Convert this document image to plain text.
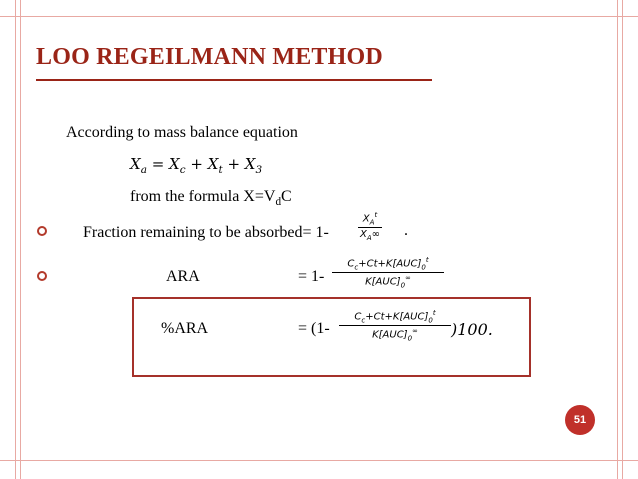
LOO REGEILMANN METHOD
According to mass balance equation
$X_a = X_c + X_t + X_3$
from the formula $X=V_dC$
Fraction remaining to be absorbed= 1-
$X_A^t$
$X_A\infty$ .
ARA	= 1-
$C_c+Ct+K[AUC]_0^t$
$K[AUC]_0^\infty$
%ARA	= (1-
$C_c+Ct+K[AUC]_0^t$
$K[AUC]_0^\infty$	)100.
51
